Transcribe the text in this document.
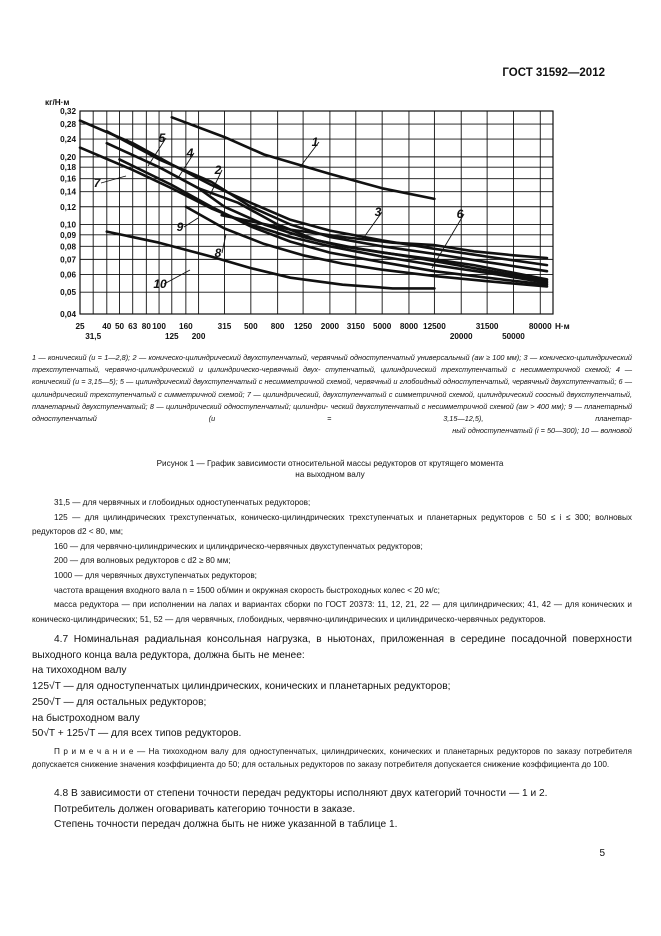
ГОСТ 31592—2012
25 40 50 63 80 100 160	315 500 800 1250 2000 3150 5000 8000 12500	31500	80000
31,5	125 200	20000	50000
0,32
0,28
0,24
0,20
0,18
0,16
0,14
0,12
0,10
0,09
0,08
0,07
0,06
0,05
0,04
кг/Н·м
Н·м
1
2
3
4
5
6
7
8
9
10
1 — конический (u = 1—2,8); 2 — коническо-цилиндрический двухступенчатый, червячный одноступенчатый универсальный (aw ≥ 100 мм); 3 — коническо-цилиндрический трехступенчатый, червячно-цилиндрический и цилиндрическо-червячный двух- ступенчатый, цилиндрический трехступенчатый с несимметричной схемой; 4 — конический (u = 3,15—5); 5 — цилиндрический двухступенчатый с несимметричной схемой, червячный и глобоидный одноступенчатый, червячный двухступенчатый; 6 — цилиндрический трехступенчатый с симметричной схемой; 7 — цилиндрический, двухступенчатый с симметричной схемой, цилиндрический соосный двухступенчатый, планетарный двухступенчатый; 8 — цилиндрический одноступенчатый; цилиндри- ческий двухступенчатый с несимметричной схемой (aw > 400 мм); 9 — планетарный одноступенчатый (u = 3,15—12,5), планетар-
ный одноступенчатый (i = 50—300); 10 — волновой
Рисунок 1 — График зависимости относительной массы редукторов от крутящего момента
на выходном валу

31,5 — для червячных и глобоидных одноступенчатых редукторов;

125 — для цилиндрических трехступенчатых, коническо-цилиндрических трехступенчатых и планетарных редукторов с 50 ≤ i ≤ 300; волновых редукторов d2 < 80, мм;

160 — для червячно-цилиндрических и цилиндрическо-червячных двухступенчатых редукторов;

200 — для волновых редукторов с d2 ≥ 80 мм;

1000 — для червячных двухступенчатых редукторов;

частота вращения входного вала n = 1500 об/мин и окружная скорость быстроходных колес < 20 м/с;

масса редуктора — при исполнении на лапах и вариантах сборки по ГОСТ 20373: 11, 12, 21, 22 — для цилиндрических; 41, 42 — для конических и коническо-цилиндрических; 51, 52 — для червячных, глобоидных, червячно-цилиндрических и цилиндрическо-червячных редукторов.

4.7 Номинальная радиальная консольная нагрузка, в ньютонах, приложенная в середине посадочной поверхности выходного конца вала редуктора, должна быть не менее:

на тихоходном валу

125√T — для одноступенчатых цилиндрических, конических и планетарных редукторов;

250√T — для остальных редукторов;

на быстроходном валу

50√T + 125√T — для всех типов редукторов.

П р и м е ч а н и е — На тихоходном валу для одноступенчатых, цилиндрических, конических и планетарных редукторов по заказу потребителя допускается снижение значения коэффициента до 50; для остальных редукторов по заказу потребителя допускается снижение коэффициента до 100.

4.8 В зависимости от степени точности передач редукторы исполняют двух категорий точности — 1 и 2.

Потребитель должен оговаривать категорию точности в заказе.

Степень точности передач должна быть не ниже указанной в таблице 1.

5
